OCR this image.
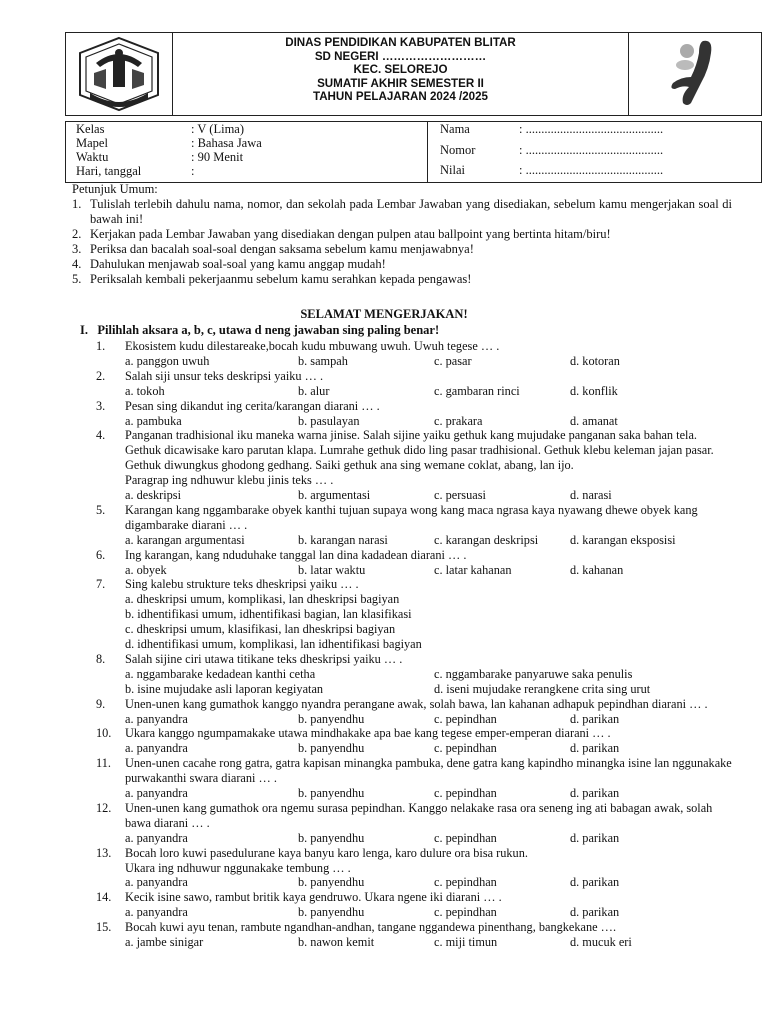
DINAS PENDIDIKAN KABUPATEN BLITAR
SD NEGERI ………………………
KEC. SELOREJO
SUMATIF AKHIR SEMESTER II
TAHUN PELAJARAN 2024 /2025
Kelas	: V (Lima)
Mapel	: Bahasa Jawa
Waktu	: 90 Menit
Hari, tanggal	:
Nama	: ............................................
Nomor	: ............................................
Nilai	: ............................................
Petunjuk Umum:
1. Tulislah terlebih dahulu nama, nomor, dan sekolah pada Lembar Jawaban yang disediakan, sebelum kamu mengerjakan soal di bawah ini!
2. Kerjakan pada Lembar Jawaban yang disediakan dengan pulpen atau ballpoint yang bertinta hitam/biru!
3. Periksa dan bacalah soal-soal dengan saksama sebelum kamu menjawabnya!
4. Dahulukan menjawab soal-soal yang kamu anggap mudah!
5. Periksalah kembali pekerjaanmu sebelum kamu serahkan kepada pengawas!
SELAMAT MENGERJAKAN!
I.   Pilihlah aksara a, b, c, utawa d neng jawaban sing paling benar!
1.	Ekosistem kudu dilestareake,bocah kudu mbuwang uwuh. Uwuh tegese … .

a. panggon uwuh	b. sampah	c. pasar	d. kotoran
2.	Salah siji unsur teks deskripsi yaiku … .

a. tokoh	b. alur	c. gambaran rinci	d. konflik
3.	Pesan sing dikandut ing cerita/karangan diarani … .

a. pambuka	b. pasulayan	c. prakara	d. amanat
4.	Panganan tradhisional iku maneka warna jinise. Salah sijine yaiku gethuk kang mujudake panganan saka bahan tela. Gethuk dicawisake karo parutan klapa. Lumrahe gethuk dido ling pasar tradhisional. Gethuk klebu keleman jajan pasar. Gethuk diwungkus ghodong gedhang. Saiki gethuk ana sing wemane coklat, abang, lan ijo.

Paragrap ing ndhuwur klebu jinis teks … .

a. deskripsi	b. argumentasi	c. persuasi	d. narasi
5.	Karangan kang nggambarake obyek kanthi tujuan supaya wong kang maca ngrasa kaya nyawang dhewe obyek kang digambarake diarani … .

a. karangan argumentasi	b. karangan narasi	c. karangan deskripsi	d. karangan eksposisi
6.	Ing karangan, kang nduduhake tanggal lan dina kadadean diarani … .

a. obyek	b. latar waktu	c. latar kahanan	d. kahanan
7.	Sing kalebu strukture teks dheskripsi yaiku … .

a. dheskripsi umum, komplikasi, lan dheskripsi bagiyan
b. idhentifikasi umum, idhentifikasi bagian, lan klasifikasi
c. dheskripsi umum, klasifikasi, lan dheskripsi bagiyan
d. idhentifikasi umum, komplikasi, lan idhentifikasi bagiyan
8.	Salah sijine ciri utawa titikane teks dheskripsi yaiku … .

a. nggambarake kedadean kanthi cetha	c. nggambarake panyaruwe saka penulis
b. isine mujudake asli laporan kegiyatan	d. iseni mujudake rerangkene crita sing urut
9.	Unen-unen kang gumathok kanggo nyandra perangane awak, solah bawa, lan kahanan adhapuk pepindhan diarani … .

a. panyandra	b. panyendhu	c. pepindhan	d. parikan
10.	Ukara kanggo ngumpamakake utawa mindhakake apa bae kang tegese emper-emperan diarani … .

a. panyandra	b. panyendhu	c. pepindhan	d. parikan
11.	Unen-unen cacahe rong gatra, gatra kapisan minangka pambuka, dene gatra kang kapindho minangka isine lan nggunakake purwakanthi swara diarani … .

a. panyandra	b. panyendhu	c. pepindhan	d. parikan
12.	Unen-unen kang gumathok ora ngemu surasa pepindhan. Kanggo nelakake rasa ora seneng ing ati babagan awak, solah bawa diarani … .

a. panyandra	b. panyendhu	c. pepindhan	d. parikan
13.	Bocah loro kuwi pasedulurane kaya banyu karo lenga, karo dulure ora bisa rukun.

Ukara ing ndhuwur nggunakake tembung … .

a. panyandra	b. panyendhu	c. pepindhan	d. parikan
14.	Kecik isine sawo, rambut britik kaya gendruwo. Ukara ngene iki diarani … .

a. panyandra	b. panyendhu	c. pepindhan	d. parikan
15.	Bocah kuwi ayu tenan, rambute ngandhan-andhan, tangane nggandewa pinenthang, bangkekane ….

a. jambe sinigar	b. nawon kemit	c. miji timun	d. mucuk eri
